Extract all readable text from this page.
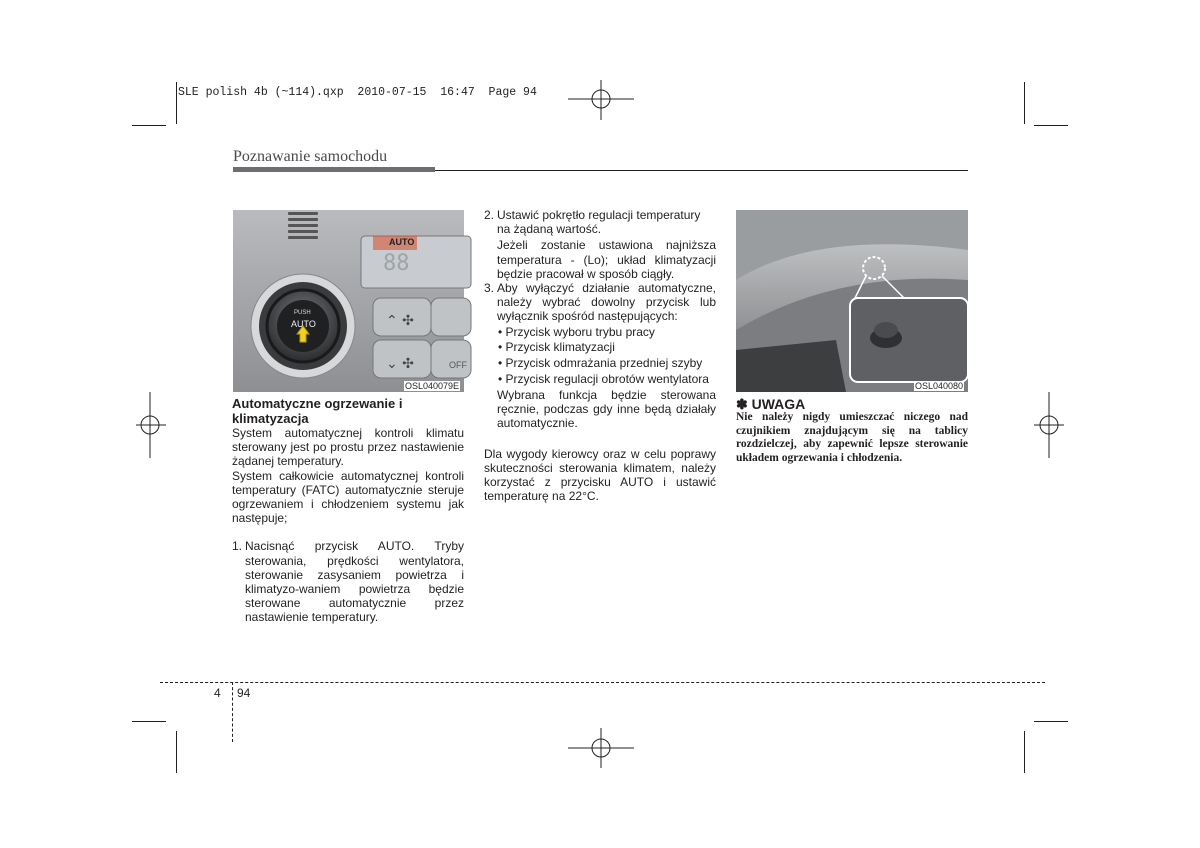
SLE polish 4b (~114).qxp  2010-07-15  16:47  Page 94
Poznawanie samochodu
88
⌃ ✣
⌄ ✣
AUTO
PUSH
AUTO
OFF
OSL040079E	OSL040080

Automatyczne ogrzewanie i klimatyzacja

System automatycznej kontroli klimatu sterowany jest po prostu przez nastawienie żądanej temperatury.

System całkowicie automatycznej kontroli temperatury (FATC) automatycznie steruje ogrzewaniem i chłodzeniem systemu jak następuje;

1. Nacisnąć przycisk AUTO. Tryby sterowania, prędkości wentylatora, sterowanie zasysaniem powietrza i klimatyzo-waniem powietrza będzie sterowane automatycznie przez nastawienie temperatury.
2. Ustawić pokrętło regulacji temperatury na żądaną wartość.

Jeżeli zostanie ustawiona najniższa temperatura - (Lo); układ klimatyzacji będzie pracował w sposób ciągły.

3. Aby wyłączyć działanie automatyczne, należy wybrać dowolny przycisk lub wyłącznik spośród następujących:

• Przycisk wyboru trybu pracy

• Przycisk klimatyzacji

• Przycisk odmrażania przedniej szyby

• Przycisk regulacji obrotów wentylatora

Wybrana funkcja będzie sterowana ręcznie, podczas gdy inne będą działały automatycznie.

Dla wygody kierowcy oraz w celu poprawy skuteczności sterowania klimatem, należy korzystać z przycisku AUTO i ustawić temperaturę na 22°C.

✽ UWAGA

Nie należy nigdy umieszczać niczego nad czujnikiem znajdującym się na tablicy rozdzielczej, aby zapewnić lepsze sterowanie układem ogrzewania i chłodzenia.

4 94
